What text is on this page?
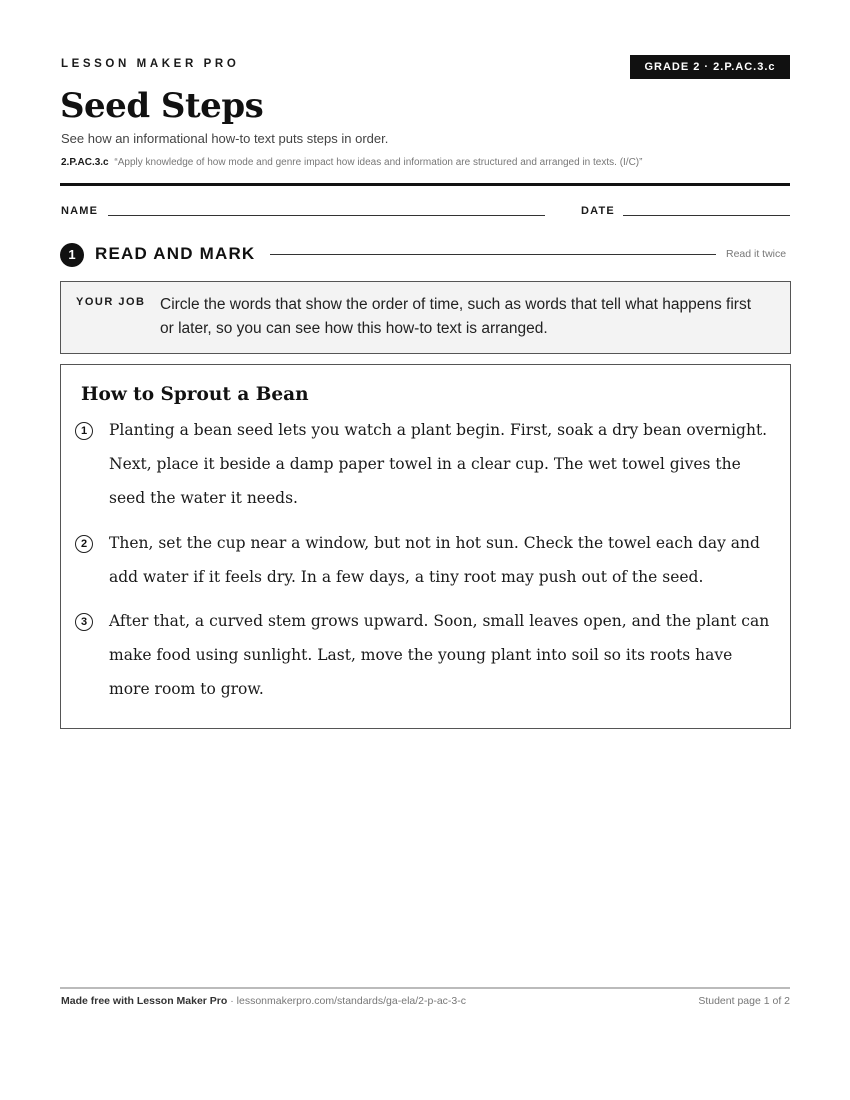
LESSON MAKER PRO	GRADE 2 · 2.P.AC.3.c
Seed Steps
See how an informational how-to text puts steps in order.
2.P.AC.3.c “Apply knowledge of how mode and genre impact how ideas and information are structured and arranged in texts. (I/C)”
NAME	DATE
1	READ AND MARK	Read it twice
YOUR JOB Circle the words that show the order of time, such as words that tell what happens first or later, so you can see how this how-to text is arranged.
How to Sprout a Bean
1	Planting a bean seed lets you watch a plant begin. First, soak a dry bean overnight. Next, place it beside a damp paper towel in a clear cup. The wet towel gives the seed the water it needs.
2	Then, set the cup near a window, but not in hot sun. Check the towel each day and add water if it feels dry. In a few days, a tiny root may push out of the seed.
3	After that, a curved stem grows upward. Soon, small leaves open, and the plant can make food using sunlight. Last, move the young plant into soil so its roots have more room to grow.
Made free with Lesson Maker Pro · lessonmakerpro.com/standards/ga-ela/2-p-ac-3-c	Student page 1 of 2
